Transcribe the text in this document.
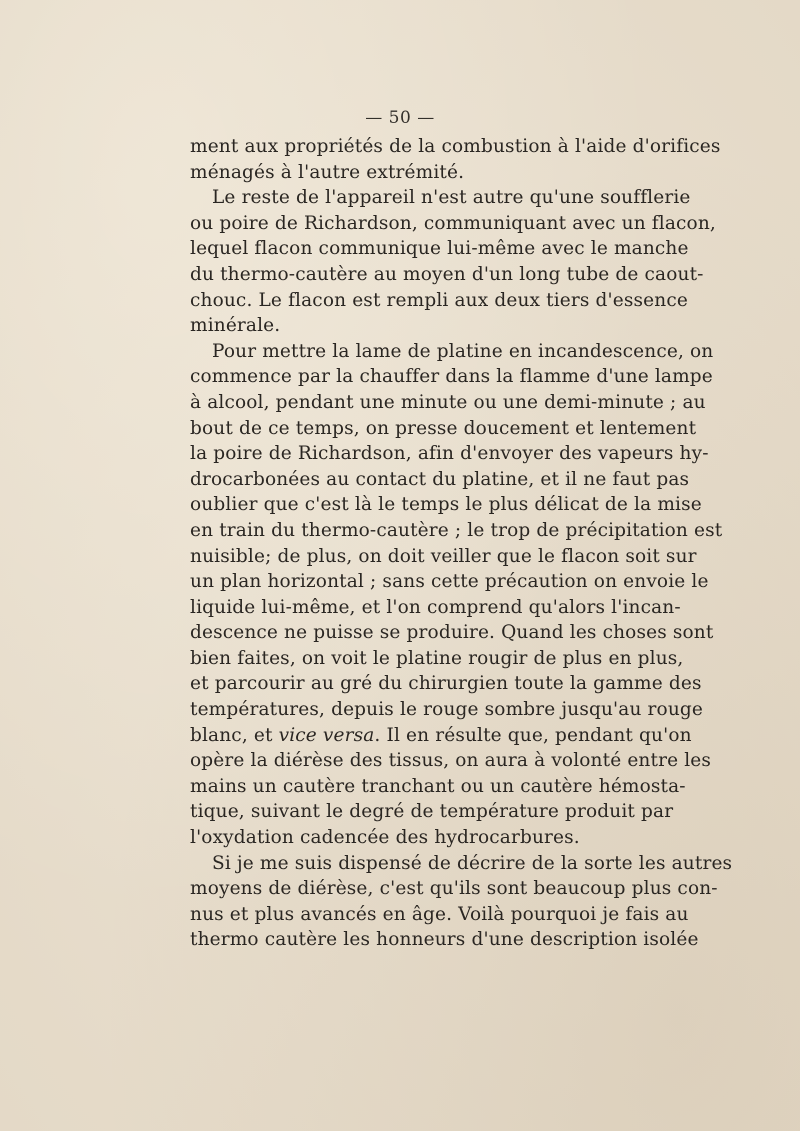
— 50 —
ment aux propriétés de la combustion à l'aide d'orifices
ménagés à l'autre extrémité.
Le reste de l'appareil n'est autre qu'une soufflerie
ou poire de Richardson, communiquant avec un flacon,
lequel flacon communique lui-même avec le manche
du thermo-cautère au moyen d'un long tube de caout-
chouc. Le flacon est rempli aux deux tiers d'essence
minérale.
Pour mettre la lame de platine en incandescence, on
commence par la chauffer dans la flamme d'une lampe
à alcool, pendant une minute ou une demi-minute ; au
bout de ce temps, on presse doucement et lentement
la poire de Richardson, afin d'envoyer des vapeurs hy-
drocarbonées au contact du platine, et il ne faut pas
oublier que c'est là le temps le plus délicat de la mise
en train du thermo-cautère ; le trop de précipitation est
nuisible; de plus, on doit veiller que le flacon soit sur
un plan horizontal ; sans cette précaution on envoie le
liquide lui-même, et l'on comprend qu'alors l'incan-
descence ne puisse se produire. Quand les choses sont
bien faites, on voit le platine rougir de plus en plus,
et parcourir au gré du chirurgien toute la gamme des
températures, depuis le rouge sombre jusqu'au rouge
blanc, et vice versa. Il en résulte que, pendant qu'on
opère la diérèse des tissus, on aura à volonté entre les
mains un cautère tranchant ou un cautère hémosta-
tique, suivant le degré de température produit par
l'oxydation cadencée des hydrocarbures.
Si je me suis dispensé de décrire de la sorte les autres
moyens de diérèse, c'est qu'ils sont beaucoup plus con-
nus et plus avancés en âge. Voilà pourquoi je fais au
thermo cautère les honneurs d'une description isolée
